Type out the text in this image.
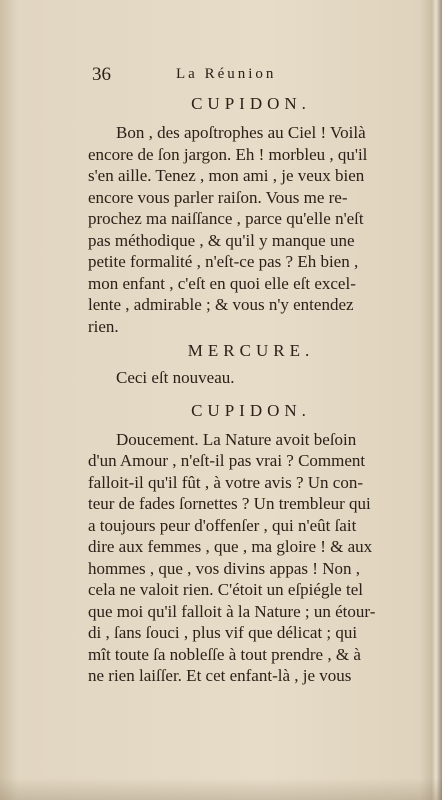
36	La Réunion
CUPIDON.
Bon , des apoſtrophes au Ciel ! Voilà
encore de ſon jargon. Eh ! morbleu , qu'il
s'en aille. Tenez , mon ami , je veux bien
encore vous parler raiſon. Vous me re-
prochez ma naiſſance , parce qu'elle n'eſt
pas méthodique , & qu'il y manque une
petite formalité , n'eſt-ce pas ? Eh bien ,
mon enfant , c'eſt en quoi elle eſt excel-
lente , admirable ; & vous n'y entendez
rien.
MERCURE.
Ceci eſt nouveau.
CUPIDON.
Doucement. La Nature avoit beſoin
d'un Amour , n'eſt-il pas vrai ? Comment
falloit-il qu'il fût , à votre avis ? Un con-
teur de fades ſornettes ? Un trembleur qui
a toujours peur d'offenſer , qui n'eût ſait
dire aux femmes , que , ma gloire ! & aux
hommes , que , vos divins appas ! Non ,
cela ne valoit rien. C'étoit un eſpiégle tel
que moi qu'il falloit à la Nature ; un étour-
di , ſans ſouci , plus vif que délicat ; qui
mît toute ſa nobleſſe à tout prendre , & à
ne rien laiſſer. Et cet enfant-là , je vous
